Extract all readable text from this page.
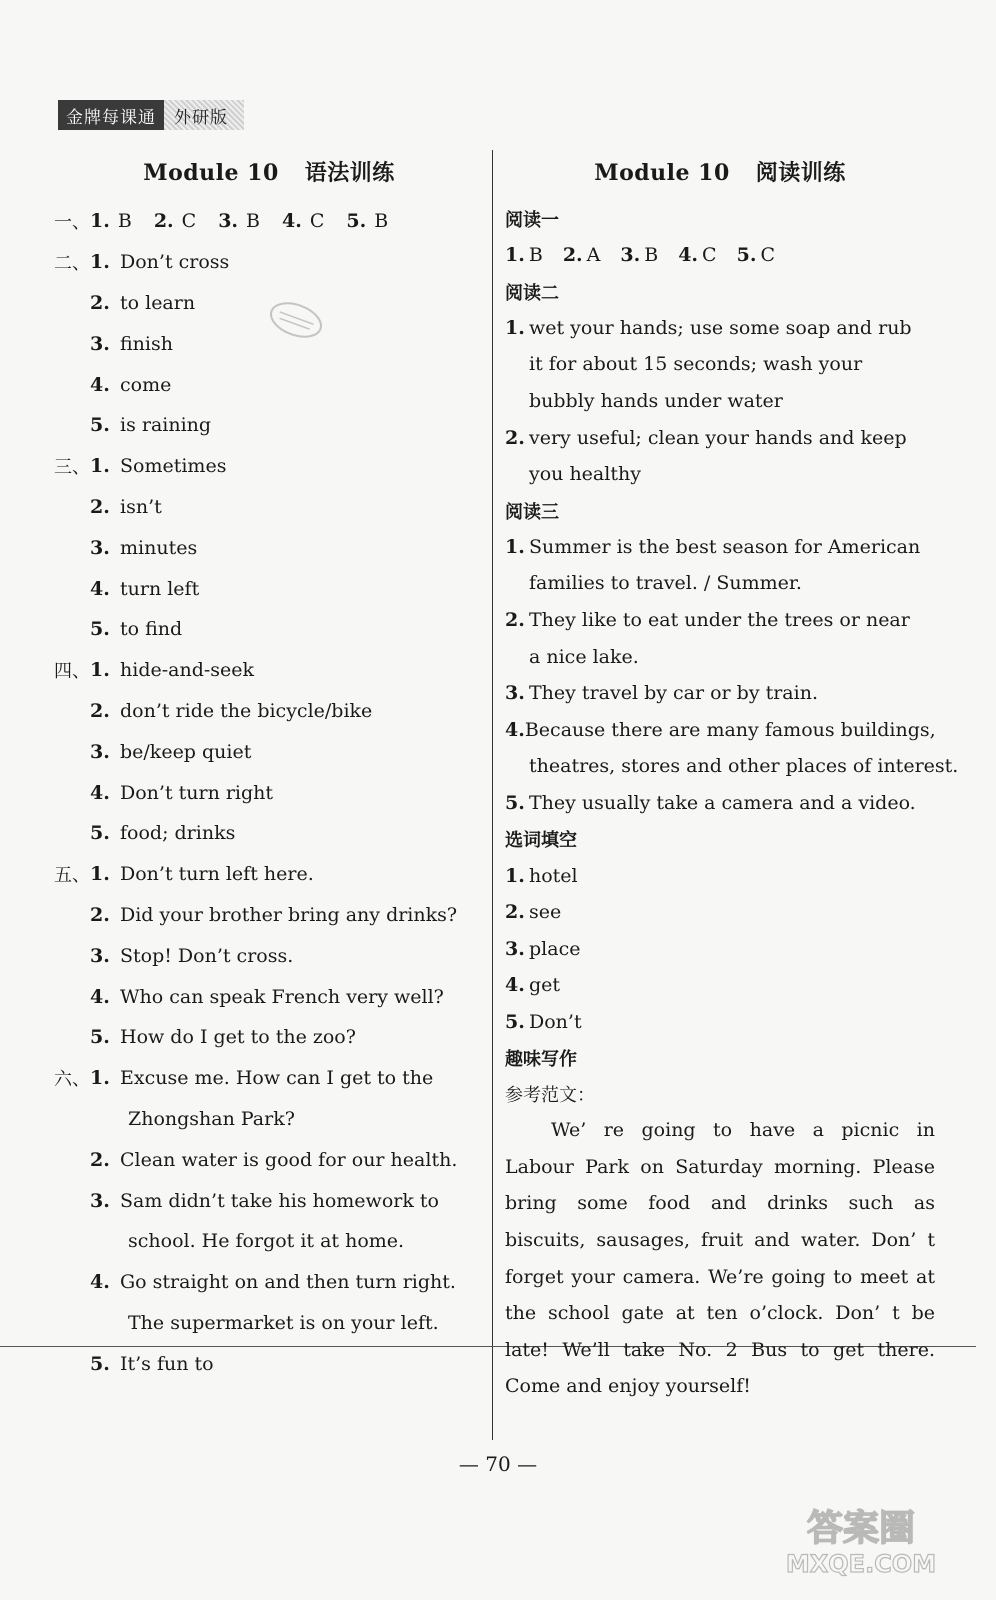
金牌每课通	外研版
Module 10 语法训练
一、 1. B 2. C 3. B 4. C 5. B
二、 1. Don’t cross
2. to learn
3. finish
4. come
5. is raining
三、 1. Sometimes
2. isn’t
3. minutes
4. turn left
5. to find
四、 1. hide-and-seek
2. don’t ride the bicycle/bike
3. be/keep quiet
4. Don’t turn right
5. food; drinks
五、 1. Don’t turn left here.
2. Did your brother bring any drinks?
3. Stop! Don’t cross.
4. Who can speak French very well?
5. How do I get to the zoo?
六、 1. Excuse me. How can I get to the
Zhongshan Park?
2. Clean water is good for our health.
3. Sam didn’t take his homework to
school. He forgot it at home.
4. Go straight on and then turn right.
The supermarket is on your left.
5. It’s fun to
Module 10 阅读训练
阅读一
1. B 2. A 3. B 4. C 5. C
阅读二
1. wet your hands; use some soap and rub
it for about 15 seconds; wash your
bubbly hands under water
2. very useful; clean your hands and keep
you healthy
阅读三
1. Summer is the best season for American
families to travel. / Summer.
2. They like to eat under the trees or near
a nice lake.
3. They travel by car or by train.
4. Because there are many famous buildings,
theatres, stores and other places of interest.
5. They usually take a camera and a video.
选词填空
1. hotel
2. see
3. place
4. get
5. Don’t
趣味写作
参考范文：

We’ re going to have a picnic in

Labour Park on Saturday morning. Please

bring some food and drinks such as

biscuits, sausages, fruit and water. Don’ t

forget your camera. We’re going to meet at

the school gate at ten o’clock. Don’ t be

late! We’ll take No. 2 Bus to get there.

Come and enjoy yourself!

— 70 —
答案圈
MXQE.COM
